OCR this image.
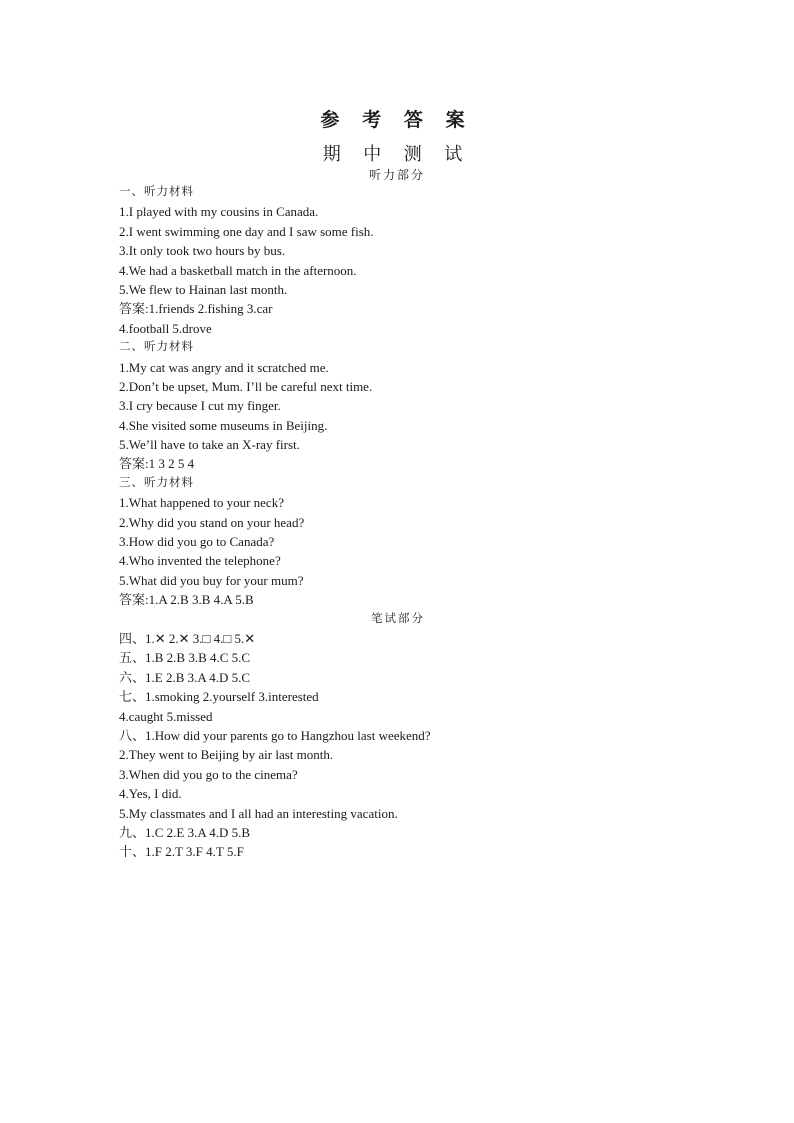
参 考 答 案
期 中 测 试
听力部分
一、听力材料
1.I played with my cousins in Canada.
2.I went swimming one day and I saw some fish.
3.It only took two hours by bus.
4.We had a basketball match in the afternoon.
5.We flew to Hainan last month.
答案:1.friends 2.fishing 3.car
4.football 5.drove
二、听力材料
1.My cat was angry and it scratched me.
2.Don’t be upset, Mum. I’ll be careful next time.
3.I cry because I cut my finger.
4.She visited some museums in Beijing.
5.We’ll have to take an X-ray first.
答案:1 3 2 5 4
三、听力材料
1.What happened to your neck?
2.Why did you stand on your head?
3.How did you go to Canada?
4.Who invented the telephone?
5.What did you buy for your mum?
答案:1.A 2.B 3.B 4.A 5.B
笔试部分
四、1.✕ 2.✕ 3.□ 4.□ 5.✕
五、1.B 2.B 3.B 4.C 5.C
六、1.E 2.B 3.A 4.D 5.C
七、1.smoking 2.yourself 3.interested
4.caught 5.missed
八、1.How did your parents go to Hangzhou last weekend?
2.They went to Beijing by air last month.
3.When did you go to the cinema?
4.Yes, I did.
5.My classmates and I all had an interesting vacation.
九、1.C 2.E 3.A 4.D 5.B
十、1.F 2.T 3.F 4.T 5.F
